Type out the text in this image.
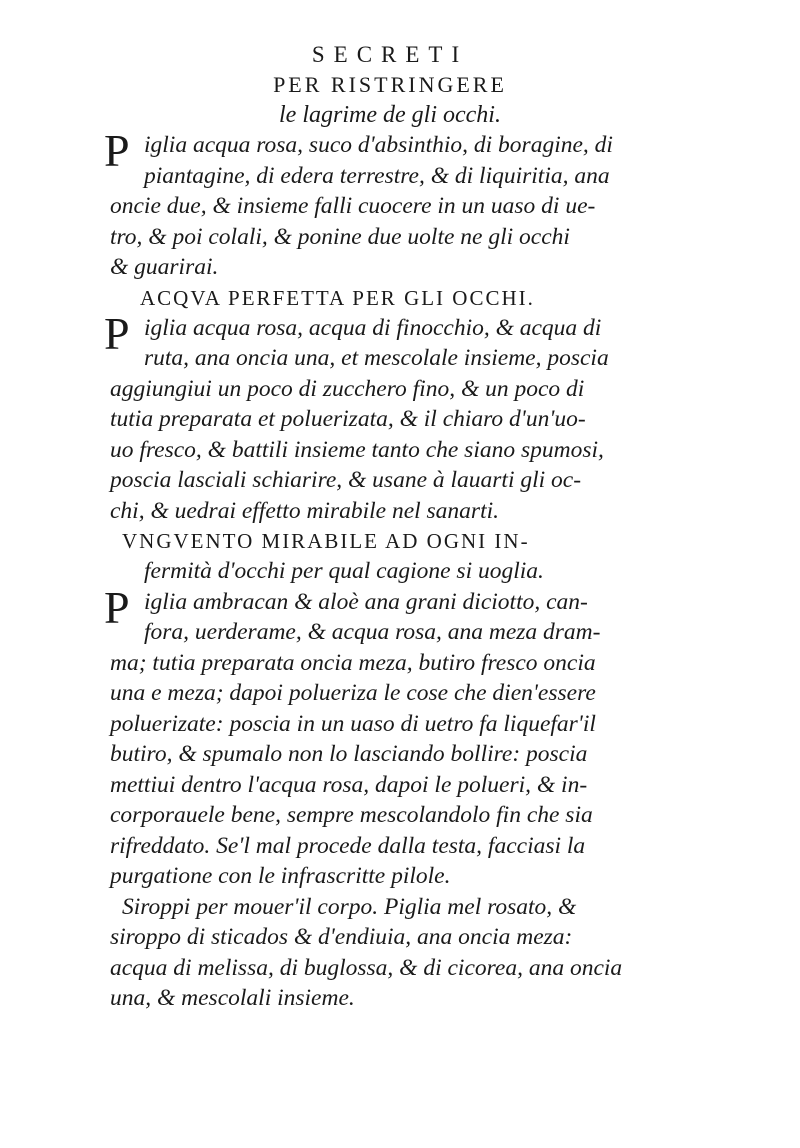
SECRETI
PER RISTRINGERE
le lagrime de gli occhi.
P iglia acqua rosa, suco d'absinthio, di boragine, di
piantagine, di edera terrestre, & di liquiritia, ana
oncie due, & insieme falli cuocere in un uaso di ue-
tro, & poi colali, & ponine due uolte ne gli occhi
& guarirai.
ACQVA PERFETTA PER GLI OCCHI.
P iglia acqua rosa, acqua di finocchio, & acqua di
ruta, ana oncia una, et mescolale insieme, poscia
aggiungiui un poco di zucchero fino, & un poco di
tutia preparata et poluerizata, & il chiaro d'un'uo-
uo fresco, & battili insieme tanto che siano spumosi,
poscia lasciali schiarire, & usane à lauarti gli oc-
chi, & uedrai effetto mirabile nel sanarti.
VNGVENTO MIRABILE AD OGNI IN-
fermità d'occhi per qual cagione si uoglia.
P iglia ambracan & aloè ana grani diciotto, can-
fora, uerderame, & acqua rosa, ana meza dram-
ma; tutia preparata oncia meza, butiro fresco oncia
una e meza; dapoi poluerizа le cose che dien'essere
poluerizate: poscia in un uaso di uetro fa liquefar'il
butiro, & spumalo non lo lasciando bollire: poscia
mettiui dentro l'acqua rosa, dapoi le poluerі, & in-
corporauele bene, sempre mescolandolo fin che sia
rifreddato. Se'l mal procede dalla testa, facciasi la
purgatione con le infrascritte pilole.
Siroppi per mouer'il corpo. Piglia mel rosato, &
siroppo di sticados & d'endiuia, ana oncia meza:
acqua di melissa, di buglossa, & di cicorea, ana oncia
una, & mescolali insieme.
